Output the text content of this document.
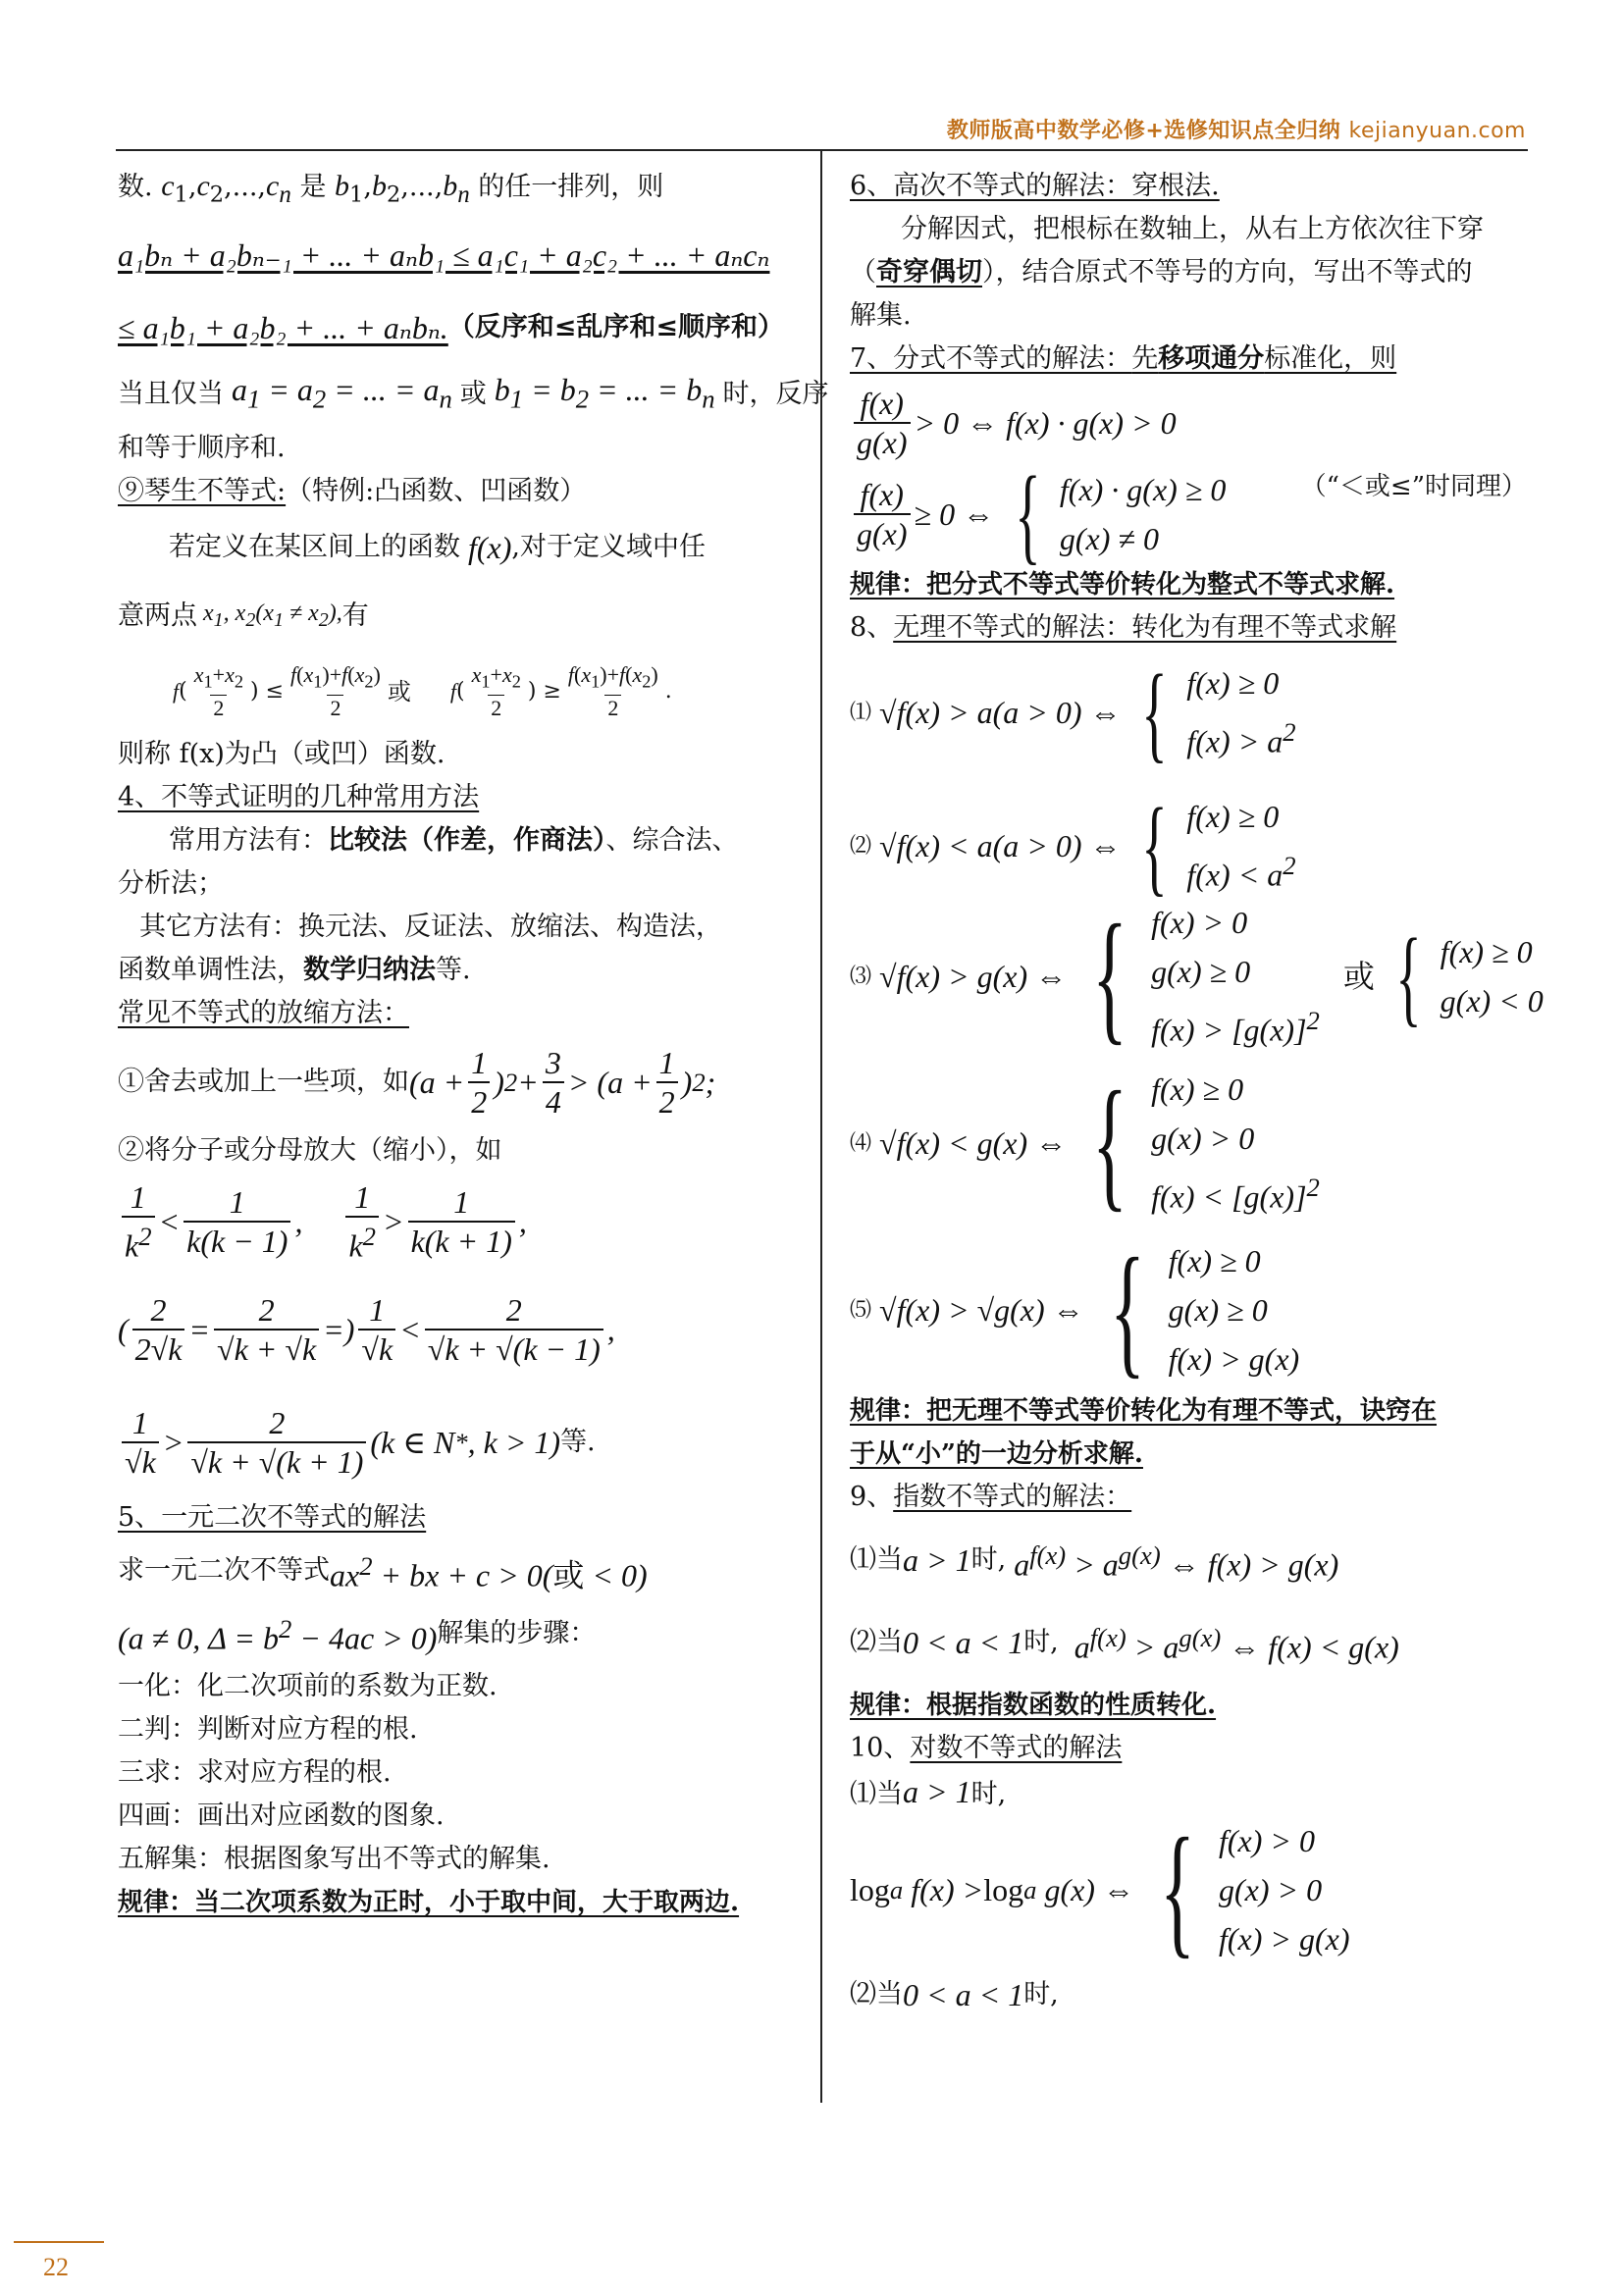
教师版高中数学必修+选修知识点全归纳 kejianyuan.com
数. $c_1,c_2,...,c_n$ 是 $b_1,b_2,...,b_n$ 的任一排列，则
a₁bₙ + a₂bₙ₋₁ + ... + aₙb₁ ≤ a₁c₁ + a₂c₂ + ... + aₙcₙ
≤ a₁b₁ + a₂b₂ + ... + aₙbₙ. （反序和≤乱序和≤顺序和）
当且仅当 $a_1 = a_2$ = ... = $a_n$ 或 $b_1 = b_2$ = ... = $b_n$ 时，反序
和等于顺序和.
⑨琴生不等式:（特例:凸函数、凹函数）
若定义在某区间上的函数 f(x) , 对于定义域中任
意两点 $x_1$, $x_2(x_1 \ne x_2)$, 有
f ( $\frac{x_1+x_2}{2}$ ) ≤ $\frac{f(x_1)+f(x_2)}{2}$ 或 f ( $\frac{x_1+x_2}{2}$ ) ≥ $\frac{f(x_1)+f(x_2)}{2}$ .
则称 f(x)为凸（或凹）函数.
4、不等式证明的几种常用方法
常用方法有：比较法（作差，作商法）、综合法、
分析法；
其它方法有：换元法、反证法、放缩法、构造法，
函数单调性法，数学归纳法等.
常见不等式的放缩方法：
①舍去或加上一些项，如 ($a + \frac{1}{2}$ ) $2 + \frac{3}{4} > (a + \frac{1}{2}$ ) 2 ;
②将分子或分母放大（缩小），如
$\frac{1}{k^2} < \frac{1}{k(k - 1)}$ , $\frac{1}{k^2} > \frac{1}{k(k + 1)}$ ,
( $\frac{2}{2√k} = \frac{2}{√k + √k}$ =) $\frac{1}{√k} < \frac{2}{√k + √(k - 1)}$ ,
$\frac{1}{√k} > \frac{2}{√k + √(k + 1)} (k$ ∈ N * , k > 1) 等.
5、一元二次不等式的解法
求一元二次不等式 $ax^2$ + bx + c > 0(或 < 0)
(a ≠ 0, $\Delta = b^2 - 4ac > 0$) 解集的步骤：
一化：化二次项前的系数为正数.
二判：判断对应方程的根.
三求：求对应方程的根.
四画：画出对应函数的图象.
五解集：根据图象写出不等式的解集.
规律：当二次项系数为正时，小于取中间，大于取两边.
6、高次不等式的解法：穿根法.
分解因式，把根标在数轴上，从右上方依次往下穿
（奇穿偶切），结合原式不等号的方向，写出不等式的
解集.
7、分式不等式的解法：先移项通分标准化，则
$\frac{f(x)}{g(x)} > 0$ ⇔ f(x) · g(x) > 0
$\frac{f(x)}{g(x)} \ge 0$ ⇔ { f(x) · g(x) ≥ 0
g(x) ≠ 0
（“＜或≤”时同理）
规律：把分式不等式等价转化为整式不等式求解.
8、无理不等式的解法：转化为有理不等式求解
⑴ √f(x) > a(a > 0) ⇔ { f(x) ≥ 0
$f(x) > a^2$
⑵ √f(x) < a(a > 0) ⇔ { f(x) ≥ 0
$f(x) < a^2$
⑶ √f(x) > g(x) ⇔ { f(x) > 0
g(x) ≥ 0
$f(x) > [g(x)]^2$
或 { f(x) ≥ 0
g(x) < 0
⑷ √f(x) < g(x) ⇔ { f(x) ≥ 0
g(x) > 0
$f(x) < [g(x)]^2$
⑸ √f(x) > √g(x) ⇔ { f(x) ≥ 0
g(x) ≥ 0
f(x) > g(x)
规律：把无理不等式等价转化为有理不等式，诀窍在
于从“小”的一边分析求解.
9、指数不等式的解法：
⑴当 a > 1 时, $a^{f(x)} > a^{g(x)}$ ⇔ f(x) > g(x)
⑵当 0 < a < 1 时, $a^{f(x)} > a^{g(x)}$ ⇔ f(x) < g(x)
规律：根据指数函数的性质转化.
10、对数不等式的解法
⑴当a > 1时,
log a f(x) > log a g(x) ⇔ { f(x) > 0
g(x) > 0
f(x) > g(x)
⑵当 0 < a < 1 时,
22
